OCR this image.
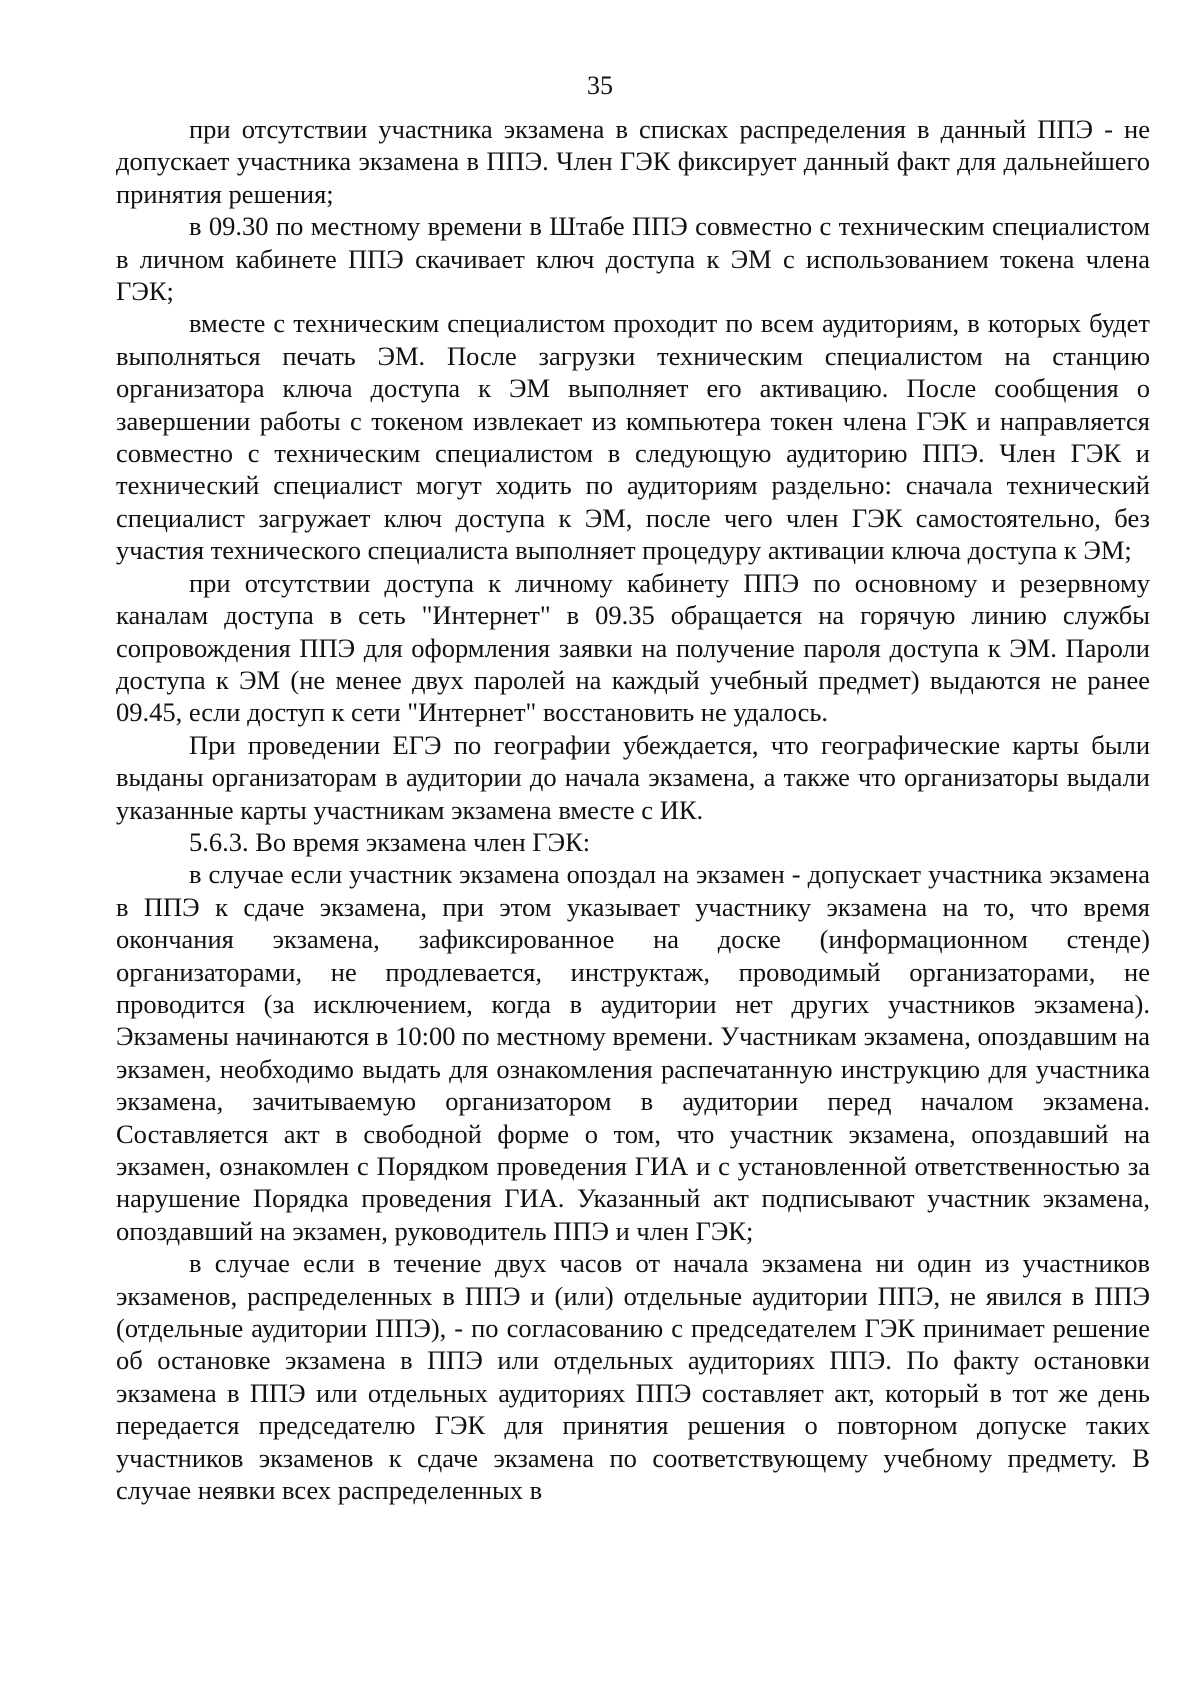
35

при отсутствии участника экзамена в списках распределения в данный ППЭ - не допускает участника экзамена в ППЭ. Член ГЭК фиксирует данный факт для дальнейшего принятия решения;

в 09.30 по местному времени в Штабе ППЭ совместно с техническим специалистом в личном кабинете ППЭ скачивает ключ доступа к ЭМ с использованием токена члена ГЭК;

вместе с техническим специалистом проходит по всем аудиториям, в которых будет выполняться печать ЭМ. После загрузки техническим специалистом на станцию организатора ключа доступа к ЭМ выполняет его активацию. После сообщения о завершении работы с токеном извлекает из компьютера токен члена ГЭК и направляется совместно с техническим специалистом в следующую аудиторию ППЭ. Член ГЭК и технический специалист могут ходить по аудиториям раздельно: сначала технический специалист загружает ключ доступа к ЭМ, после чего член ГЭК самостоятельно, без участия технического специалиста выполняет процедуру активации ключа доступа к ЭМ;

при отсутствии доступа к личному кабинету ППЭ по основному и резервному каналам доступа в сеть "Интернет" в 09.35 обращается на горячую линию службы сопровождения ППЭ для оформления заявки на получение пароля доступа к ЭМ. Пароли доступа к ЭМ (не менее двух паролей на каждый учебный предмет) выдаются не ранее 09.45, если доступ к сети "Интернет" восстановить не удалось.

При проведении ЕГЭ по географии убеждается, что географические карты были выданы организаторам в аудитории до начала экзамена, а также что организаторы выдали указанные карты участникам экзамена вместе с ИК.

5.6.3. Во время экзамена член ГЭК:

в случае если участник экзамена опоздал на экзамен - допускает участника экзамена в ППЭ к сдаче экзамена, при этом указывает участнику экзамена на то, что время окончания экзамена, зафиксированное на доске (информационном стенде) организаторами, не продлевается, инструктаж, проводимый организаторами, не проводится (за исключением, когда в аудитории нет других участников экзамена). Экзамены начинаются в 10:00 по местному времени. Участникам экзамена, опоздавшим на экзамен, необходимо выдать для ознакомления распечатанную инструкцию для участника экзамена, зачитываемую организатором в аудитории перед началом экзамена. Составляется акт в свободной форме о том, что участник экзамена, опоздавший на экзамен, ознакомлен с Порядком проведения ГИА и с установленной ответственностью за нарушение Порядка проведения ГИА. Указанный акт подписывают участник экзамена, опоздавший на экзамен, руководитель ППЭ и член ГЭК;

в случае если в течение двух часов от начала экзамена ни один из участников экзаменов, распределенных в ППЭ и (или) отдельные аудитории ППЭ, не явился в ППЭ (отдельные аудитории ППЭ), - по согласованию с председателем ГЭК принимает решение об остановке экзамена в ППЭ или отдельных аудиториях ППЭ. По факту остановки экзамена в ППЭ или отдельных аудиториях ППЭ составляет акт, который в тот же день передается председателю ГЭК для принятия решения о повторном допуске таких участников экзаменов к сдаче экзамена по соответствующему учебному предмету. В случае неявки всех распределенных в
